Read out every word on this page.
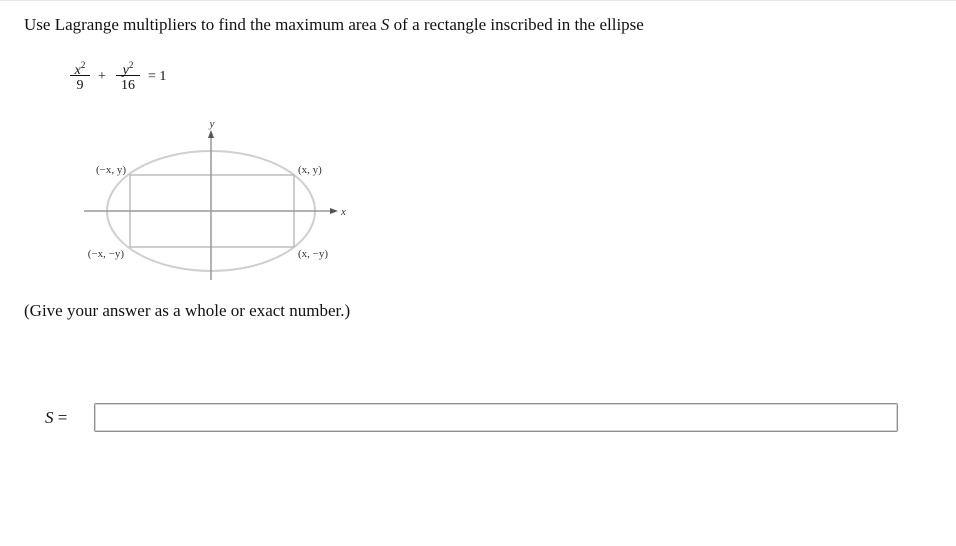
Use Lagrange multipliers to find the maximum area S of a rectangle inscribed in the ellipse
$x^2$
9
+	$y^2$
16
= 1
y
x
(−x, y)	(x, y)
(−x, −y)	(x, −y)
(Give your answer as a whole or exact number.)
S =
